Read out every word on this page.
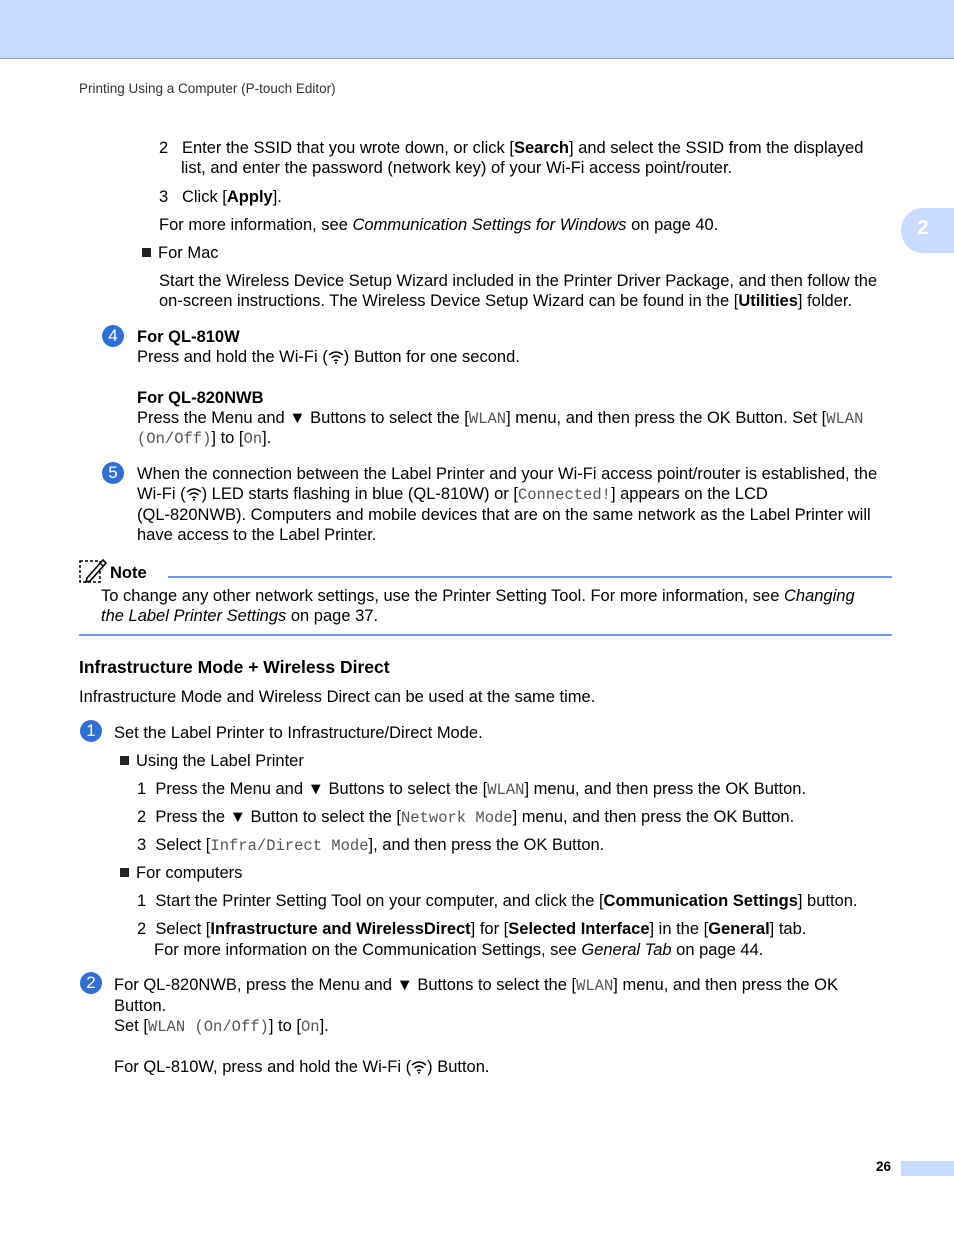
Printing Using a Computer (P-touch Editor)
2
2 Enter the SSID that you wrote down, or click [Search] and select the SSID from the displayed
list, and enter the password (network key) of your Wi-Fi access point/router.
3 Click [Apply].
For more information, see Communication Settings for Windows on page 40.
For Mac
Start the Wireless Device Setup Wizard included in the Printer Driver Package, and then follow the
on-screen instructions. The Wireless Device Setup Wizard can be found in the [Utilities] folder.
4	For QL-810W
Press and hold the Wi-Fi ( ) Button for one second.
For QL-820NWB
Press the Menu and ▼ Buttons to select the [WLAN] menu, and then press the OK Button. Set [WLAN
(On/Off)] to [On].
5	When the connection between the Label Printer and your Wi-Fi access point/router is established, the
Wi-Fi ( ) LED starts flashing in blue (QL-810W) or [Connected!] appears on the LCD
(QL-820NWB). Computers and mobile devices that are on the same network as the Label Printer will
have access to the Label Printer.
Note
To change any other network settings, use the Printer Setting Tool. For more information, see Changing
the Label Printer Settings on page 37.
Infrastructure Mode + Wireless Direct
Infrastructure Mode and Wireless Direct can be used at the same time.
1	Set the Label Printer to Infrastructure/Direct Mode.
Using the Label Printer
1 Press the Menu and ▼ Buttons to select the [WLAN] menu, and then press the OK Button.
2 Press the ▼ Button to select the [Network Mode] menu, and then press the OK Button.
3 Select [Infra/Direct Mode], and then press the OK Button.
For computers
1 Start the Printer Setting Tool on your computer, and click the [Communication Settings] button.
2 Select [Infrastructure and WirelessDirect] for [Selected Interface] in the [General] tab.
For more information on the Communication Settings, see General Tab on page 44.
2	For QL-820NWB, press the Menu and ▼ Buttons to select the [WLAN] menu, and then press the OK
Button.
Set [WLAN (On/Off)] to [On].
For QL-810W, press and hold the Wi-Fi ( ) Button.
26
